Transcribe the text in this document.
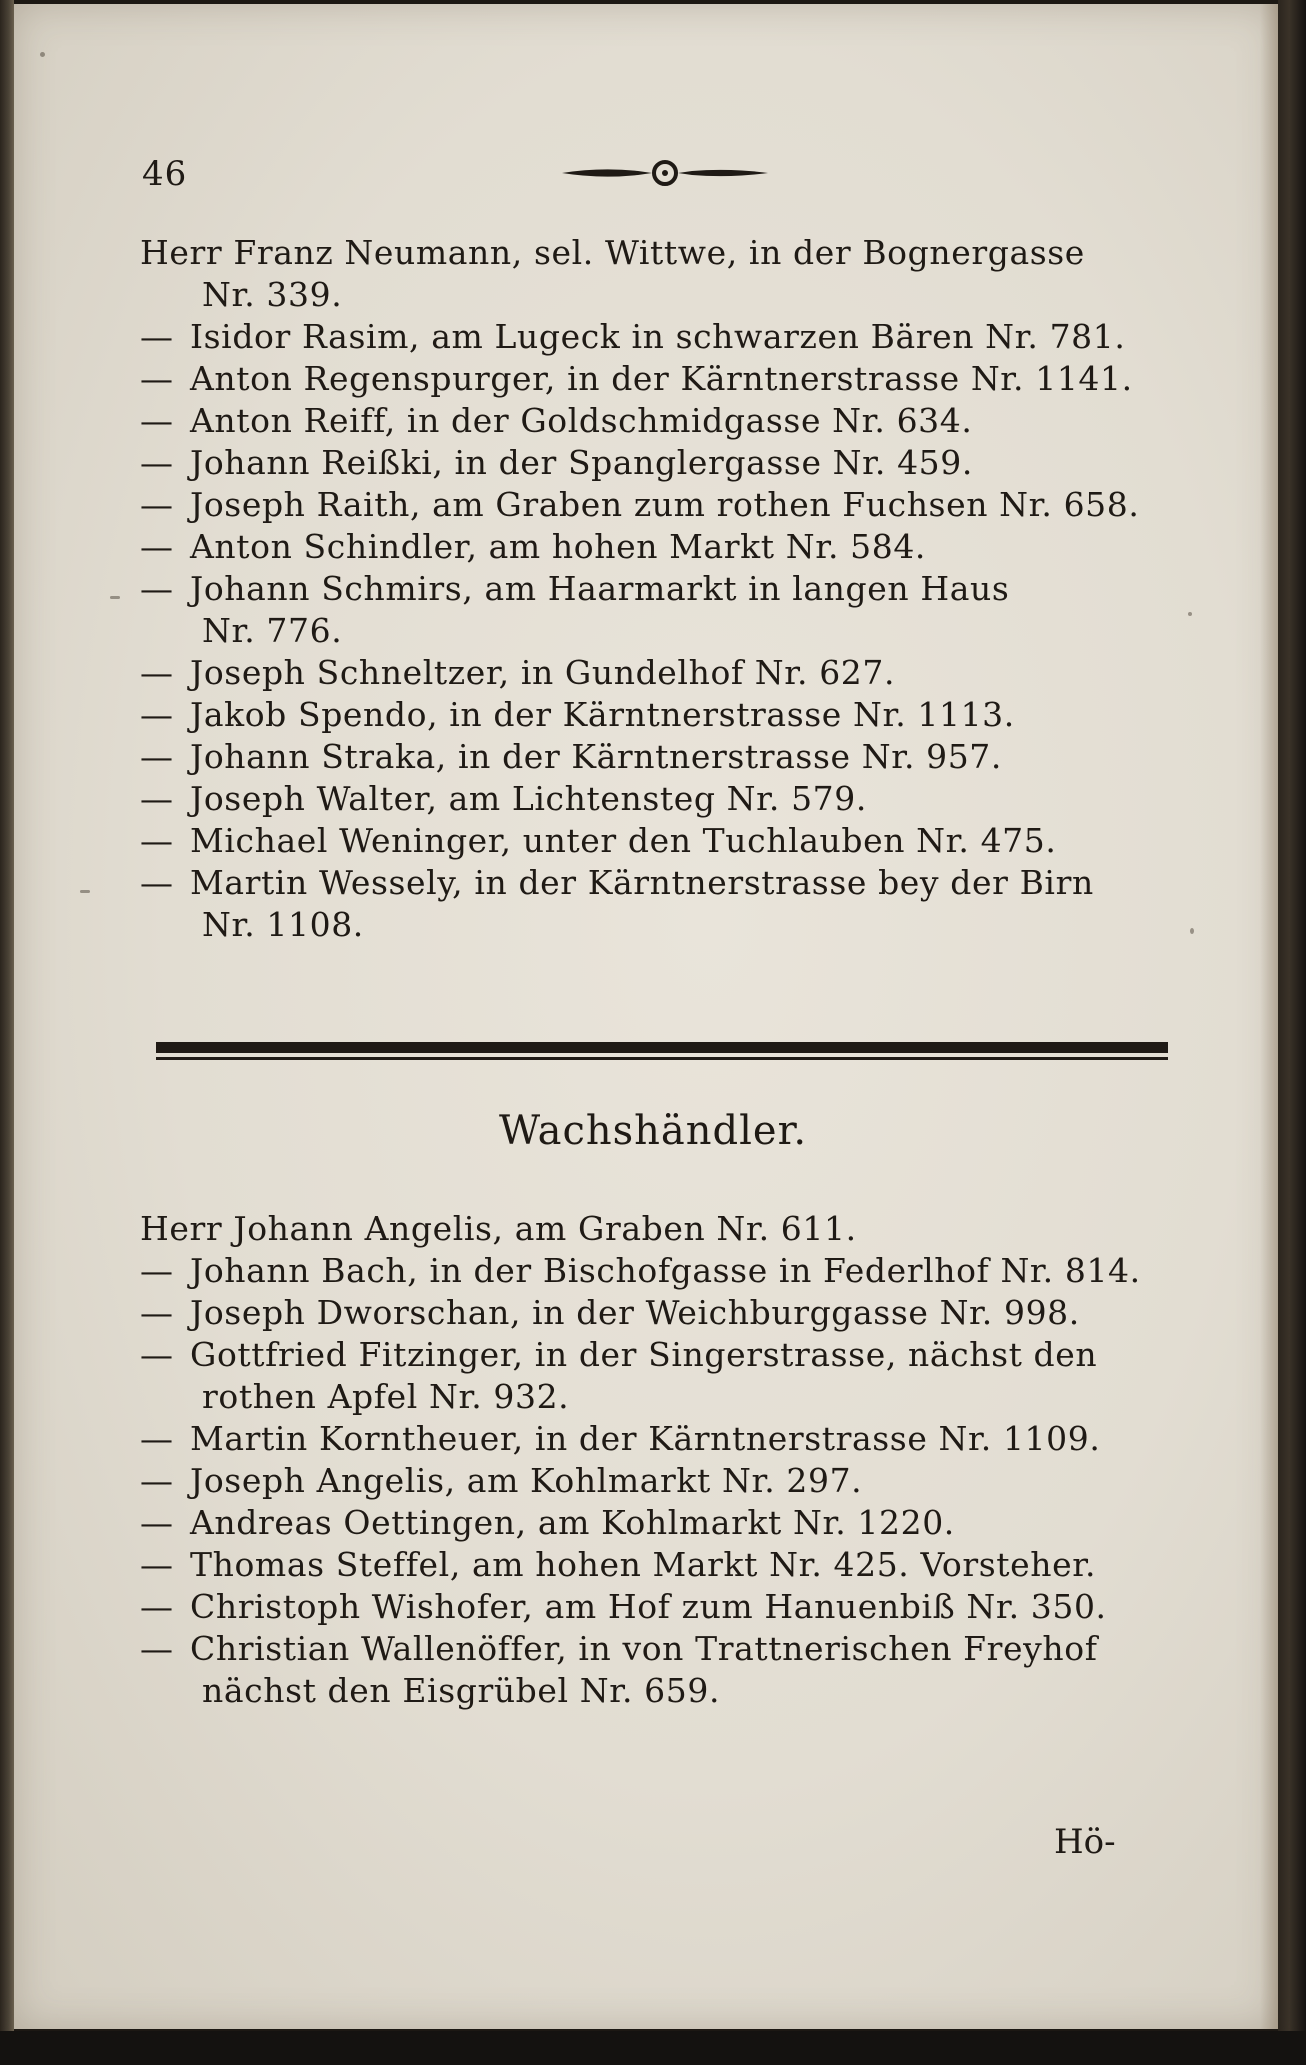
46
Herr Franz Neumann, sel. Wittwe, in der Bognergasse
Nr. 339.
— Isidor Rasim, am Lugeck in schwarzen Bären Nr. 781.
— Anton Regenspurger, in der Kärntnerstrasse Nr. 1141.
— Anton Reiff, in der Goldschmidgasse Nr. 634.
— Johann Reißki, in der Spanglergasse Nr. 459.
— Joseph Raith, am Graben zum rothen Fuchsen Nr. 658.
— Anton Schindler, am hohen Markt Nr. 584.
— Johann Schmirs, am Haarmarkt in langen Haus
Nr. 776.
— Joseph Schneltzer, in Gundelhof Nr. 627.
— Jakob Spendo, in der Kärntnerstrasse Nr. 1113.
— Johann Straka, in der Kärntnerstrasse Nr. 957.
— Joseph Walter, am Lichtensteg Nr. 579.
— Michael Weninger, unter den Tuchlauben Nr. 475.
— Martin Wessely, in der Kärntnerstrasse bey der Birn
Nr. 1108.
Wachshändler.
Herr Johann Angelis, am Graben Nr. 611.
— Johann Bach, in der Bischofgasse in Federlhof Nr. 814.
— Joseph Dworschan, in der Weichburggasse Nr. 998.
— Gottfried Fitzinger, in der Singerstrasse, nächst den
rothen Apfel Nr. 932.
— Martin Korntheuer, in der Kärntnerstrasse Nr. 1109.
— Joseph Angelis, am Kohlmarkt Nr. 297.
— Andreas Oettingen, am Kohlmarkt Nr. 1220.
— Thomas Steffel, am hohen Markt Nr. 425. Vorsteher.
— Christoph Wishofer, am Hof zum Hanuenbiß Nr. 350.
— Christian Wallenöffer, in von Trattnerischen Freyhof
nächst den Eisgrübel Nr. 659.
Hö-
